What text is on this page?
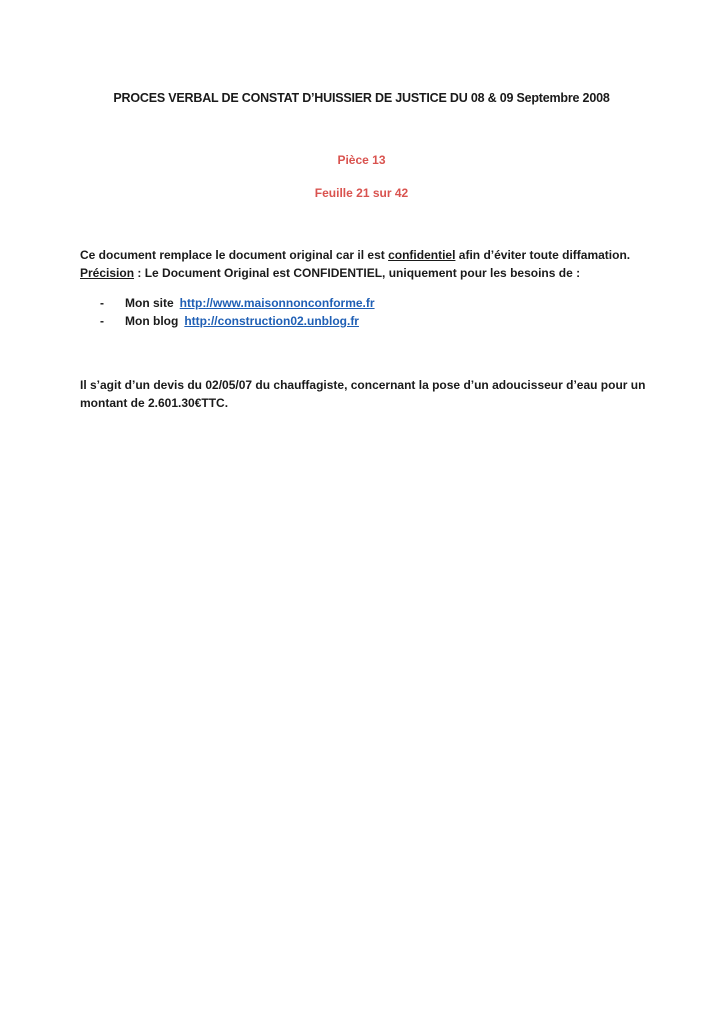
PROCES VERBAL DE CONSTAT D’HUISSIER DE JUSTICE DU 08 & 09 Septembre 2008
Pièce 13
Feuille 21 sur 42
Ce document remplace le document original car il est confidentiel afin d’éviter toute diffamation.
Précision : Le Document Original est CONFIDENTIEL, uniquement pour les besoins de :
-	Mon site http://www.maisonnonconforme.fr
-	Mon blog http://construction02.unblog.fr
Il s’agit d’un devis du 02/05/07 du chauffagiste, concernant la pose d’un adoucisseur d’eau pour un montant de 2.601.30€TTC.
